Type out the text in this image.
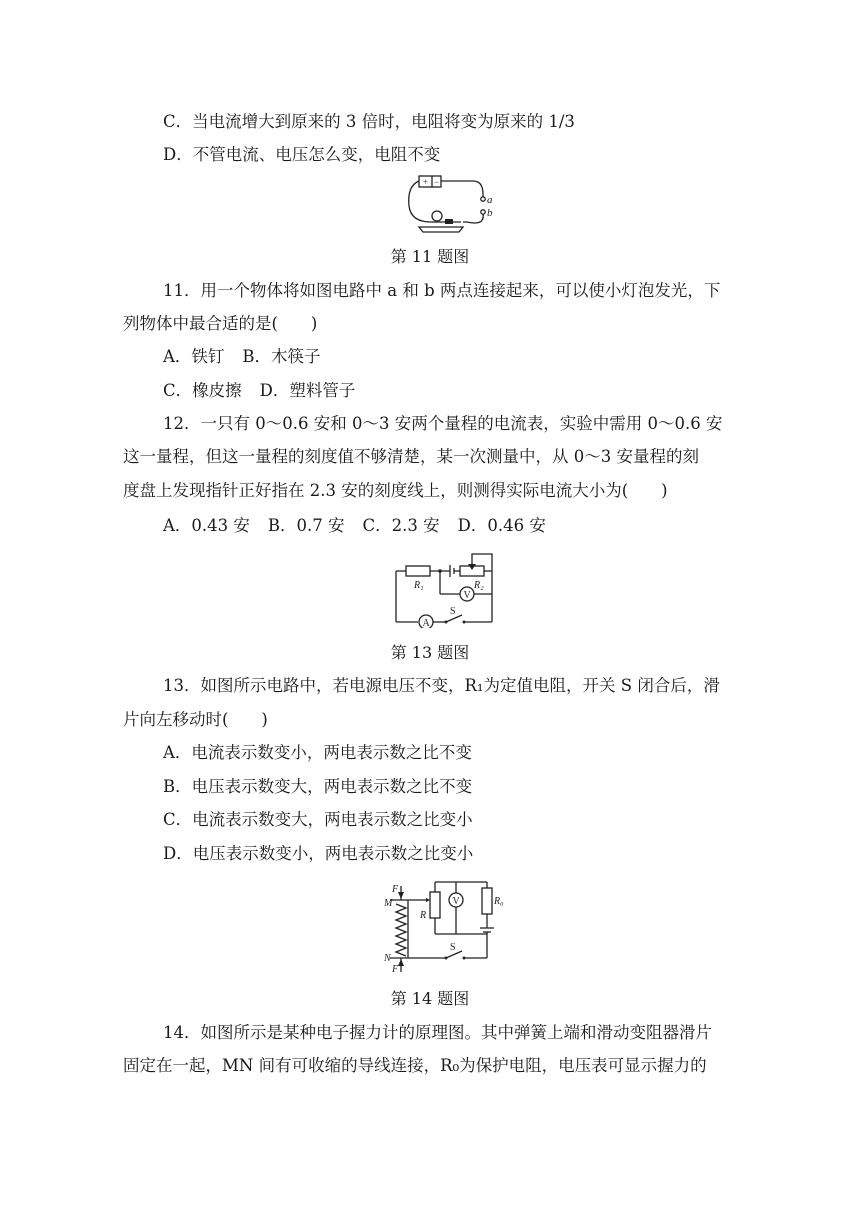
C．当电流增大到原来的 3 倍时，电阻将变为原来的 1/3
D．不管电流、电压怎么变，电阻不变
+ −
a
b
第 11 题图
11．用一个物体将如图电路中 a 和 b 两点连接起来，可以使小灯泡发光，下
列物体中最合适的是(　　)
A．铁钉 B．木筷子
C．橡皮擦 D．塑料管子
12．一只有 0～0.6 安和 0～3 安两个量程的电流表，实验中需用 0～0.6 安
这一量程，但这一量程的刻度值不够清楚，某一次测量中，从 0～3 安量程的刻
度盘上发现指针正好指在 2.3 安的刻度线上，则测得实际电流大小为(　　)
A．0.43 安 B．0.7 安 C．2.3 安 D．0.46 安
R₁	R₂
V
A
S
第 13 题图
13．如图所示电路中，若电源电压不变，R₁为定值电阻，开关 S 闭合后，滑
片向左移动时(　　)
A．电流表示数变小，两电表示数之比不变
B．电压表示数变大，两电表示数之比不变
C．电流表示数变大，两电表示数之比变小
D．电压表示数变小，两电表示数之比变小
F
F
M
N
R
V	R₀
S
第 14 题图
14．如图所示是某种电子握力计的原理图。其中弹簧上端和滑动变阻器滑片
固定在一起，MN 间有可收缩的导线连接，R₀为保护电阻，电压表可显示握力的
